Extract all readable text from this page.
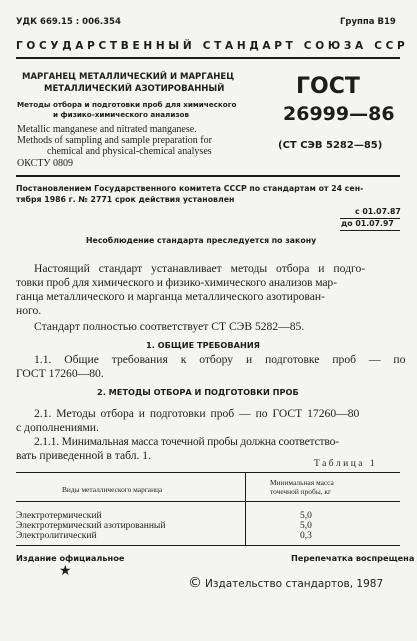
УДК 669.15 : 006.354	Группа В19
ГОСУДАРСТВЕННЫЙ СТАНДАРТ СОЮЗА ССР
МАРГАНЕЦ МЕТАЛЛИЧЕСКИЙ И МАРГАНЕЦ
МЕТАЛЛИЧЕСКИЙ АЗОТИРОВАННЫЙ
Методы отбора и подготовки проб для химического
и физико-химического анализов
Metallic manganese and nitrated manganese.
Methods of sampling and sample preparation for
chemical and physical-chemical analyses
ОКСТУ 0809
ГОСТ
26999—86
(СТ СЭВ 5282—85)
Постановлением Государственного комитета СССР по стандартам от 24 сен-
тября 1986 г. № 2771 срок действия установлен
с 01.07.87
до 01.07.97
Несоблюдение стандарта преследуется по закону
Настоящий стандарт устанавливает методы отбора и подго-
товки проб для химического и физико-химического анализов мар-
ганца металлического и марганца металлического азотирован-
ного.
Стандарт полностью соответствует СТ СЭВ 5282—85.
1. ОБЩИЕ ТРЕБОВАНИЯ
1.1. Общие требования к отбору и подготовке проб — по
ГОСТ 17260—80.
2. МЕТОДЫ ОТБОРА И ПОДГОТОВКИ ПРОБ
2.1. Методы отбора и подготовки проб — по ГОСТ 17260—80
с дополнениями.
2.1.1. Минимальная масса точечной пробы должна соответство-
вать приведенной в табл. 1.
Таблица 1
Виды металлического марганца
Минимальная масса
точечной пробы, кг
Электротермический	5,0
Электротермический азотированный	5,0
Электролитический	0,3
Издание официальное	Перепечатка воспрещена
★
© Издательство стандартов, 1987
